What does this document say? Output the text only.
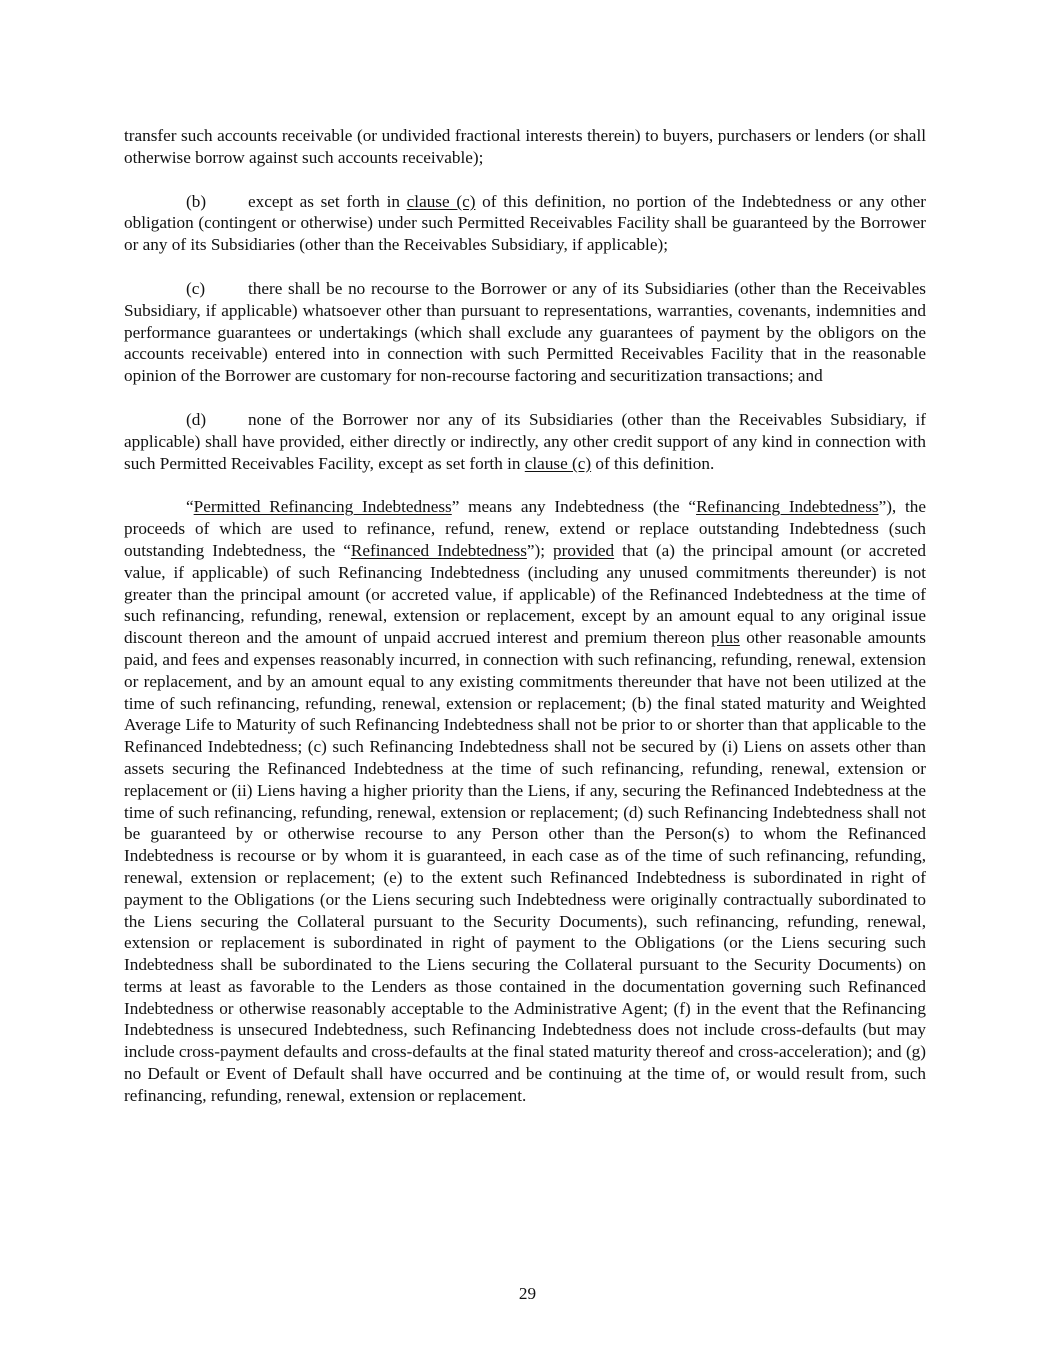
transfer such accounts receivable (or undivided fractional interests therein) to buyers, purchasers or lenders (or shall otherwise borrow against such accounts receivable);

(b) except as set forth in clause (c) of this definition, no portion of the Indebtedness or any other obligation (contingent or otherwise) under such Permitted Receivables Facility shall be guaranteed by the Borrower or any of its Subsidiaries (other than the Receivables Subsidiary, if applicable);

(c) there shall be no recourse to the Borrower or any of its Subsidiaries (other than the Receivables Subsidiary, if applicable) whatsoever other than pursuant to representations, warranties, covenants, indemnities and performance guarantees or undertakings (which shall exclude any guarantees of payment by the obligors on the accounts receivable) entered into in connection with such Permitted Receivables Facility that in the reasonable opinion of the Borrower are customary for non-recourse factoring and securitization transactions; and

(d) none of the Borrower nor any of its Subsidiaries (other than the Receivables Subsidiary, if applicable) shall have provided, either directly or indirectly, any other credit support of any kind in connection with such Permitted Receivables Facility, except as set forth in clause (c) of this definition.

“Permitted Refinancing Indebtedness” means any Indebtedness (the “Refinancing Indebtedness”), the proceeds of which are used to refinance, refund, renew, extend or replace outstanding Indebtedness (such outstanding Indebtedness, the “Refinanced Indebtedness”); provided that (a) the principal amount (or accreted value, if applicable) of such Refinancing Indebtedness (including any unused commitments thereunder) is not greater than the principal amount (or accreted value, if applicable) of the Refinanced Indebtedness at the time of such refinancing, refunding, renewal, extension or replacement, except by an amount equal to any original issue discount thereon and the amount of unpaid accrued interest and premium thereon plus other reasonable amounts paid, and fees and expenses reasonably incurred, in connection with such refinancing, refunding, renewal, extension or replacement, and by an amount equal to any existing commitments thereunder that have not been utilized at the time of such refinancing, refunding, renewal, extension or replacement; (b) the final stated maturity and Weighted Average Life to Maturity of such Refinancing Indebtedness shall not be prior to or shorter than that applicable to the Refinanced Indebtedness; (c) such Refinancing Indebtedness shall not be secured by (i) Liens on assets other than assets securing the Refinanced Indebtedness at the time of such refinancing, refunding, renewal, extension or replacement or (ii) Liens having a higher priority than the Liens, if any, securing the Refinanced Indebtedness at the time of such refinancing, refunding, renewal, extension or replacement; (d) such Refinancing Indebtedness shall not be guaranteed by or otherwise recourse to any Person other than the Person(s) to whom the Refinanced Indebtedness is recourse or by whom it is guaranteed, in each case as of the time of such refinancing, refunding, renewal, extension or replacement; (e) to the extent such Refinanced Indebtedness is subordinated in right of payment to the Obligations (or the Liens securing such Indebtedness were originally contractually subordinated to the Liens securing the Collateral pursuant to the Security Documents), such refinancing, refunding, renewal, extension or replacement is subordinated in right of payment to the Obligations (or the Liens securing such Indebtedness shall be subordinated to the Liens securing the Collateral pursuant to the Security Documents) on terms at least as favorable to the Lenders as those contained in the documentation governing such Refinanced Indebtedness or otherwise reasonably acceptable to the Administrative Agent; (f) in the event that the Refinancing Indebtedness is unsecured Indebtedness, such Refinancing Indebtedness does not include cross-defaults (but may include cross-payment defaults and cross-defaults at the final stated maturity thereof and cross-acceleration); and (g) no Default or Event of Default shall have occurred and be continuing at the time of, or would result from, such refinancing, refunding, renewal, extension or replacement.

29
